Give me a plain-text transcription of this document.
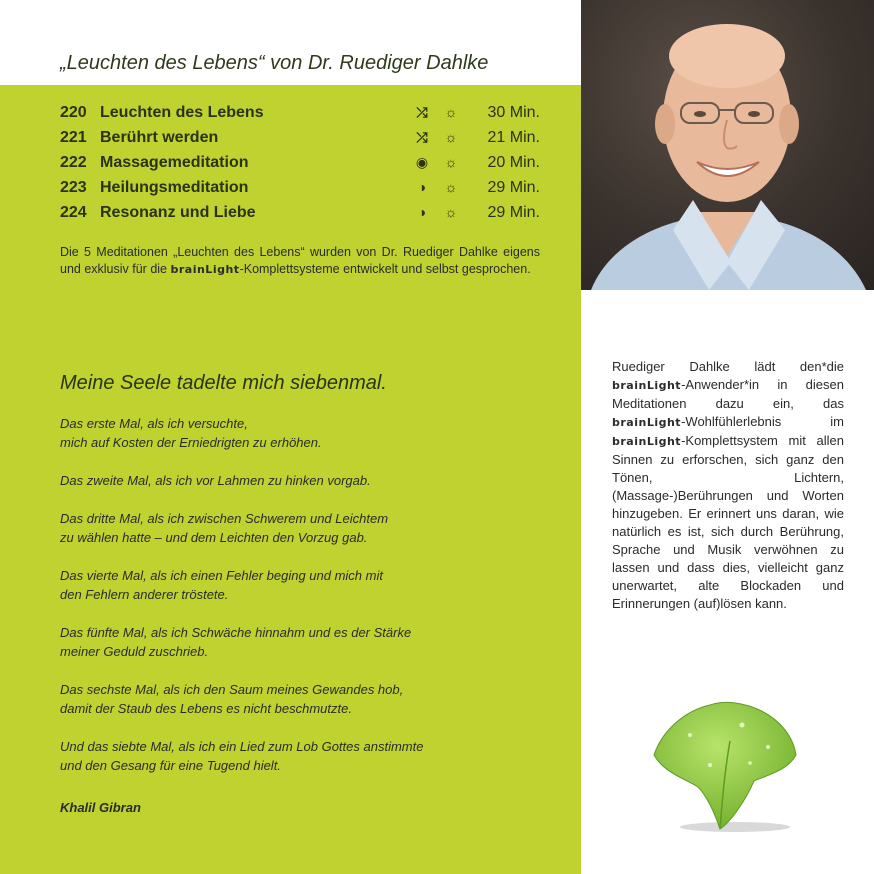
„Leuchten des Lebens“ von Dr. Ruediger Dahlke
220 Leuchten des Lebens	⤮ ☼ 30 Min.
221 Berührt werden	⤮ ☼ 21 Min.
222 Massagemeditation	◉ ☼ 20 Min.
223 Heilungsmeditation	◑ ☼ 29 Min.
224 Resonanz und Liebe	◑ ☼ 29 Min.
Die 5 Meditationen „Leuchten des Lebens“ wurden von Dr. Ruediger Dahlke eigens und exklusiv für die brainLight-Komplettsysteme entwickelt und selbst gesprochen.
Meine Seele tadelte mich siebenmal.
Das erste Mal, als ich versuchte,
mich auf Kosten der Erniedrigten zu erhöhen.
Das zweite Mal, als ich vor Lahmen zu hinken vorgab.
Das dritte Mal, als ich zwischen Schwerem und Leichtem
zu wählen hatte – und dem Leichten den Vorzug gab.
Das vierte Mal, als ich einen Fehler beging und mich mit
den Fehlern anderer tröstete.
Das fünfte Mal, als ich Schwäche hinnahm und es der Stärke
meiner Geduld zuschrieb.
Das sechste Mal, als ich den Saum meines Gewandes hob,
damit der Staub des Lebens es nicht beschmutzte.
Und das siebte Mal, als ich ein Lied zum Lob Gottes anstimmte
und den Gesang für eine Tugend hielt.
Khalil Gibran
Ruediger Dahlke lädt den*die brainLight-Anwender*in in diesen Meditationen dazu ein, das brainLight-Wohlfühlerlebnis im brainLight-Komplettsystem mit allen Sinnen zu erforschen, sich ganz den Tönen, Lichtern, (Massage-)Berührungen und Worten hinzugeben. Er erinnert uns daran, wie natürlich es ist, sich durch Berührung, Sprache und Musik verwöhnen zu lassen und dass dies, vielleicht ganz unerwartet, alte Blockaden und Erinnerungen (auf)lösen kann.
